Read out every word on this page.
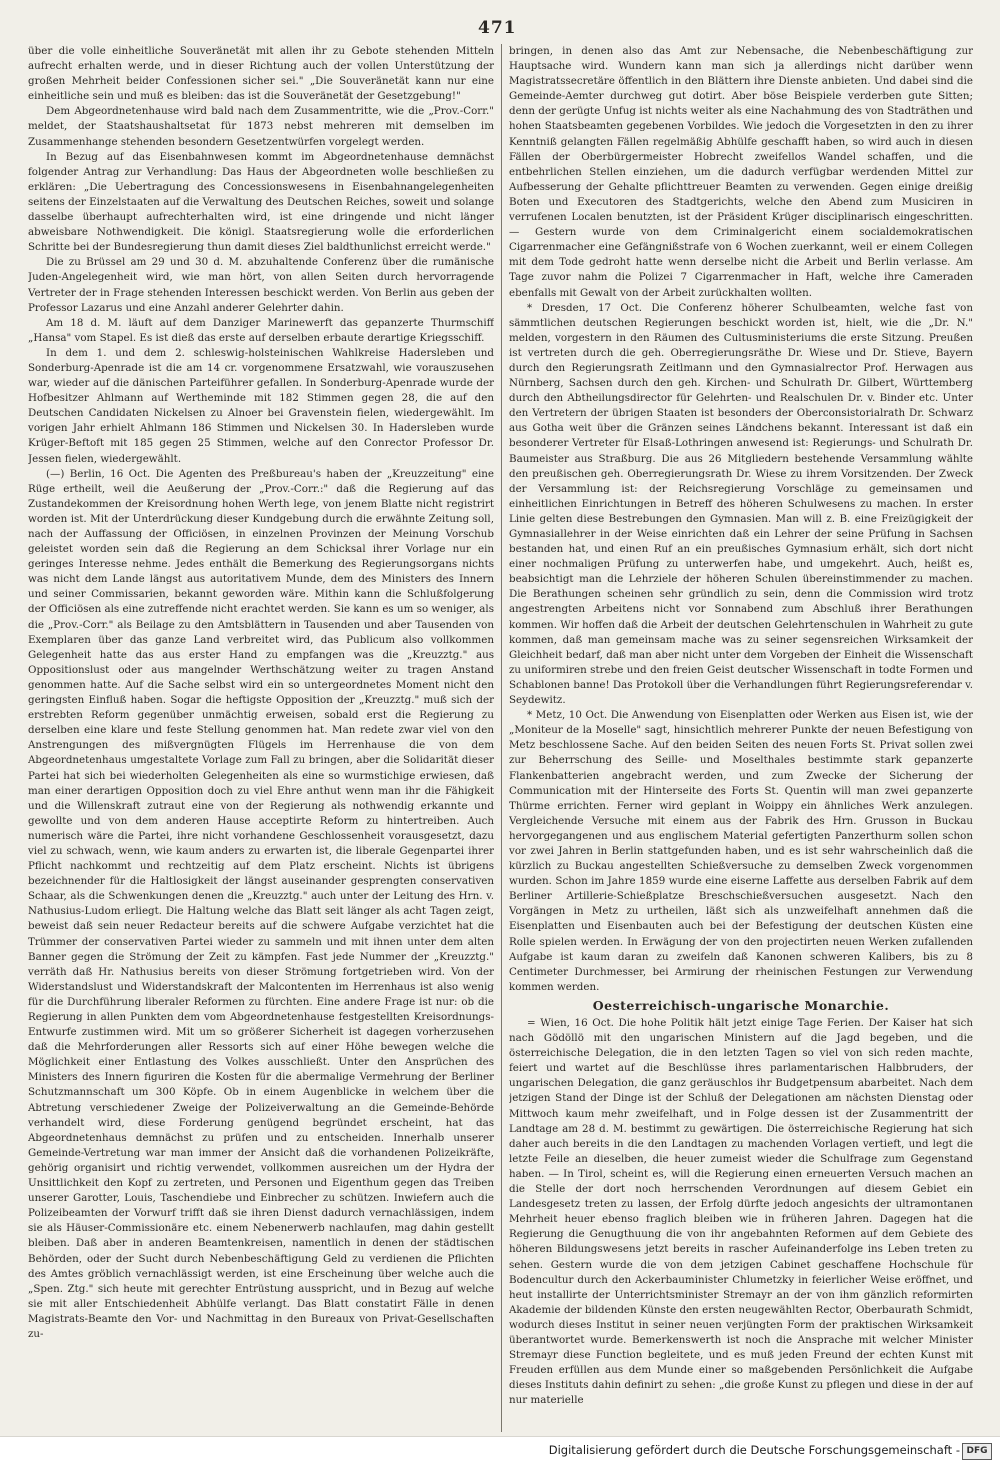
471

über die volle einheitliche Souveränetät mit allen ihr zu Gebote stehenden Mitteln aufrecht erhalten werde, und in dieser Richtung auch der vollen Unterstützung der großen Mehrheit beider Confessionen sicher sei." „Die Souveränetät kann nur eine einheitliche sein und muß es bleiben: das ist die Souveränetät der Gesetzgebung!"

Dem Abgeordnetenhause wird bald nach dem Zusammentritte, wie die „Prov.-Corr." meldet, der Staatshaushaltsetat für 1873 nebst mehreren mit demselben im Zusammenhange stehenden besondern Gesetzentwürfen vorgelegt werden.

In Bezug auf das Eisenbahnwesen kommt im Abgeordnetenhause demnächst folgender Antrag zur Verhandlung: Das Haus der Abgeordneten wolle beschließen zu erklären: „Die Uebertragung des Concessionswesens in Eisenbahnangelegenheiten seitens der Einzelstaaten auf die Verwaltung des Deutschen Reiches, soweit und solange dasselbe überhaupt aufrechterhalten wird, ist eine dringende und nicht länger abweisbare Nothwendigkeit. Die königl. Staatsregierung wolle die erforderlichen Schritte bei der Bundesregierung thun damit dieses Ziel baldthunlichst erreicht werde."

Die zu Brüssel am 29 und 30 d. M. abzuhaltende Conferenz über die rumänische Juden-Angelegenheit wird, wie man hört, von allen Seiten durch hervorragende Vertreter der in Frage stehenden Interessen beschickt werden. Von Berlin aus geben der Professor Lazarus und eine Anzahl anderer Gelehrter dahin.

Am 18 d. M. läuft auf dem Danziger Marinewerft das gepanzerte Thurmschiff „Hansa" vom Stapel. Es ist dieß das erste auf derselben erbaute derartige Kriegsschiff.

In dem 1. und dem 2. schleswig-holsteinischen Wahlkreise Hadersleben und Sonderburg-Apenrade ist die am 14 cr. vorgenommene Ersatzwahl, wie vorauszusehen war, wieder auf die dänischen Parteiführer gefallen. In Sonderburg-Apenrade wurde der Hofbesitzer Ahlmann auf Wertheminde mit 182 Stimmen gegen 28, die auf den Deutschen Candidaten Nickelsen zu Alnoer bei Gravenstein fielen, wiedergewählt. Im vorigen Jahr erhielt Ahlmann 186 Stimmen und Nickelsen 30. In Hadersleben wurde Krüger-Beftoft mit 185 gegen 25 Stimmen, welche auf den Conrector Professor Dr. Jessen fielen, wiedergewählt.

(—) Berlin, 16 Oct. Die Agenten des Preßbureau's haben der „Kreuzzeitung" eine Rüge ertheilt, weil die Aeußerung der „Prov.-Corr.:" daß die Regierung auf das Zustandekommen der Kreisordnung hohen Werth lege, von jenem Blatte nicht registrirt worden ist. Mit der Unterdrückung dieser Kundgebung durch die erwähnte Zeitung soll, nach der Auffassung der Officiösen, in einzelnen Provinzen der Meinung Vorschub geleistet worden sein daß die Regierung an dem Schicksal ihrer Vorlage nur ein geringes Interesse nehme. Jedes enthält die Bemerkung des Regierungsorgans nichts was nicht dem Lande längst aus autoritativem Munde, dem des Ministers des Innern und seiner Commissarien, bekannt geworden wäre. Mithin kann die Schlußfolgerung der Officiösen als eine zutreffende nicht erachtet werden. Sie kann es um so weniger, als die „Prov.-Corr." als Beilage zu den Amtsblättern in Tausenden und aber Tausenden von Exemplaren über das ganze Land verbreitet wird, das Publicum also vollkommen Gelegenheit hatte das aus erster Hand zu empfangen was die „Kreuzztg." aus Oppositionslust oder aus mangelnder Werthschätzung weiter zu tragen Anstand genommen hatte. Auf die Sache selbst wird ein so untergeordnetes Moment nicht den geringsten Einfluß haben. Sogar die heftigste Opposition der „Kreuzztg." muß sich der erstrebten Reform gegenüber unmächtig erweisen, sobald erst die Regierung zu derselben eine klare und feste Stellung genommen hat. Man redete zwar viel von den Anstrengungen des mißvergnügten Flügels im Herrenhause die von dem Abgeordnetenhaus umgestaltete Vorlage zum Fall zu bringen, aber die Solidarität dieser Partei hat sich bei wiederholten Gelegenheiten als eine so wurmstichige erwiesen, daß man einer derartigen Opposition doch zu viel Ehre anthut wenn man ihr die Fähigkeit und die Willenskraft zutraut eine von der Regierung als nothwendig erkannte und gewollte und von dem anderen Hause acceptirte Reform zu hintertreiben. Auch numerisch wäre die Partei, ihre nicht vorhandene Geschlossenheit vorausgesetzt, dazu viel zu schwach, wenn, wie kaum anders zu erwarten ist, die liberale Gegenpartei ihrer Pflicht nachkommt und rechtzeitig auf dem Platz erscheint. Nichts ist übrigens bezeichnender für die Haltlosigkeit der längst auseinander gesprengten conservativen Schaar, als die Schwenkungen denen die „Kreuzztg." auch unter der Leitung des Hrn. v. Nathusius-Ludom erliegt. Die Haltung welche das Blatt seit länger als acht Tagen zeigt, beweist daß sein neuer Redacteur bereits auf die schwere Aufgabe verzichtet hat die Trümmer der conservativen Partei wieder zu sammeln und mit ihnen unter dem alten Banner gegen die Strömung der Zeit zu kämpfen. Fast jede Nummer der „Kreuzztg." verräth daß Hr. Nathusius bereits von dieser Strömung fortgetrieben wird. Von der Widerstandslust und Widerstandskraft der Malcontenten im Herrenhaus ist also wenig für die Durchführung liberaler Reformen zu fürchten. Eine andere Frage ist nur: ob die Regierung in allen Punkten dem vom Abgeordnetenhause festgestellten Kreisordnungs-Entwurfe zustimmen wird. Mit um so größerer Sicherheit ist dagegen vorherzusehen daß die Mehrforderungen aller Ressorts sich auf einer Höhe bewegen welche die Möglichkeit einer Entlastung des Volkes ausschließt. Unter den Ansprüchen des Ministers des Innern figuriren die Kosten für die abermalige Vermehrung der Berliner Schutzmannschaft um 300 Köpfe. Ob in einem Augenblicke in welchem über die Abtretung verschiedener Zweige der Polizeiverwaltung an die Gemeinde-Behörde verhandelt wird, diese Forderung genügend begründet erscheint, hat das Abgeordnetenhaus demnächst zu prüfen und zu entscheiden. Innerhalb unserer Gemeinde-Vertretung war man immer der Ansicht daß die vorhandenen Polizeikräfte, gehörig organisirt und richtig verwendet, vollkommen ausreichen um der Hydra der Unsittlichkeit den Kopf zu zertreten, und Personen und Eigenthum gegen das Treiben unserer Garotter, Louis, Taschendiebe und Einbrecher zu schützen. Inwiefern auch die Polizeibeamten der Vorwurf trifft daß sie ihren Dienst dadurch vernachlässigen, indem sie als Häuser-Commissionäre etc. einem Nebenerwerb nachlaufen, mag dahin gestellt bleiben. Daß aber in anderen Beamtenkreisen, namentlich in denen der städtischen Behörden, oder der Sucht durch Nebenbeschäftigung Geld zu verdienen die Pflichten des Amtes gröblich vernachlässigt werden, ist eine Erscheinung über welche auch die „Spen. Ztg." sich heute mit gerechter Entrüstung ausspricht, und in Bezug auf welche sie mit aller Entschiedenheit Abhülfe verlangt. Das Blatt constatirt Fälle in denen Magistrats-Beamte den Vor- und Nachmittag in den Bureaux von Privat-Gesellschaften zu-

bringen, in denen also das Amt zur Nebensache, die Nebenbeschäftigung zur Hauptsache wird. Wundern kann man sich ja allerdings nicht darüber wenn Magistratssecretäre öffentlich in den Blättern ihre Dienste anbieten. Und dabei sind die Gemeinde-Aemter durchweg gut dotirt. Aber böse Beispiele verderben gute Sitten; denn der gerügte Unfug ist nichts weiter als eine Nachahmung des von Stadträthen und hohen Staatsbeamten gegebenen Vorbildes. Wie jedoch die Vorgesetzten in den zu ihrer Kenntniß gelangten Fällen regelmäßig Abhülfe geschafft haben, so wird auch in diesen Fällen der Oberbürgermeister Hobrecht zweifellos Wandel schaffen, und die entbehrlichen Stellen einziehen, um die dadurch verfügbar werdenden Mittel zur Aufbesserung der Gehalte pflichttreuer Beamten zu verwenden. Gegen einige dreißig Boten und Executoren des Stadtgerichts, welche den Abend zum Musiciren in verrufenen Localen benutzten, ist der Präsident Krüger disciplinarisch eingeschritten. — Gestern wurde von dem Criminalgericht einem socialdemokratischen Cigarrenmacher eine Gefängnißstrafe von 6 Wochen zuerkannt, weil er einem Collegen mit dem Tode gedroht hatte wenn derselbe nicht die Arbeit und Berlin verlasse. Am Tage zuvor nahm die Polizei 7 Cigarrenmacher in Haft, welche ihre Cameraden ebenfalls mit Gewalt von der Arbeit zurückhalten wollten.

* Dresden, 17 Oct. Die Conferenz höherer Schulbeamten, welche fast von sämmtlichen deutschen Regierungen beschickt worden ist, hielt, wie die „Dr. N." melden, vorgestern in den Räumen des Cultusministeriums die erste Sitzung. Preußen ist vertreten durch die geh. Oberregierungsräthe Dr. Wiese und Dr. Stieve, Bayern durch den Regierungsrath Zeitlmann und den Gymnasialrector Prof. Herwagen aus Nürnberg, Sachsen durch den geh. Kirchen- und Schulrath Dr. Gilbert, Württemberg durch den Abtheilungsdirector für Gelehrten- und Realschulen Dr. v. Binder etc. Unter den Vertretern der übrigen Staaten ist besonders der Oberconsistorialrath Dr. Schwarz aus Gotha weit über die Gränzen seines Ländchens bekannt. Interessant ist daß ein besonderer Vertreter für Elsaß-Lothringen anwesend ist: Regierungs- und Schulrath Dr. Baumeister aus Straßburg. Die aus 26 Mitgliedern bestehende Versammlung wählte den preußischen geh. Oberregierungsrath Dr. Wiese zu ihrem Vorsitzenden. Der Zweck der Versammlung ist: der Reichsregierung Vorschläge zu gemeinsamen und einheitlichen Einrichtungen in Betreff des höheren Schulwesens zu machen. In erster Linie gelten diese Bestrebungen den Gymnasien. Man will z. B. eine Freizügigkeit der Gymnasiallehrer in der Weise einrichten daß ein Lehrer der seine Prüfung in Sachsen bestanden hat, und einen Ruf an ein preußisches Gymnasium erhält, sich dort nicht einer nochmaligen Prüfung zu unterwerfen habe, und umgekehrt. Auch, heißt es, beabsichtigt man die Lehrziele der höheren Schulen übereinstimmender zu machen. Die Berathungen scheinen sehr gründlich zu sein, denn die Commission wird trotz angestrengten Arbeitens nicht vor Sonnabend zum Abschluß ihrer Berathungen kommen. Wir hoffen daß die Arbeit der deutschen Gelehrtenschulen in Wahrheit zu gute kommen, daß man gemeinsam mache was zu seiner segensreichen Wirksamkeit der Gleichheit bedarf, daß man aber nicht unter dem Vorgeben der Einheit die Wissenschaft zu uniformiren strebe und den freien Geist deutscher Wissenschaft in todte Formen und Schablonen banne! Das Protokoll über die Verhandlungen führt Regierungsreferendar v. Seydewitz.

* Metz, 10 Oct. Die Anwendung von Eisenplatten oder Werken aus Eisen ist, wie der „Moniteur de la Moselle" sagt, hinsichtlich mehrerer Punkte der neuen Befestigung von Metz beschlossene Sache. Auf den beiden Seiten des neuen Forts St. Privat sollen zwei zur Beherrschung des Seille- und Moselthales bestimmte stark gepanzerte Flankenbatterien angebracht werden, und zum Zwecke der Sicherung der Communication mit der Hinterseite des Forts St. Quentin will man zwei gepanzerte Thürme errichten. Ferner wird geplant in Woippy ein ähnliches Werk anzulegen. Vergleichende Versuche mit einem aus der Fabrik des Hrn. Grusson in Buckau hervorgegangenen und aus englischem Material gefertigten Panzerthurm sollen schon vor zwei Jahren in Berlin stattgefunden haben, und es ist sehr wahrscheinlich daß die kürzlich zu Buckau angestellten Schießversuche zu demselben Zweck vorgenommen wurden. Schon im Jahre 1859 wurde eine eiserne Laffette aus derselben Fabrik auf dem Berliner Artillerie-Schießplatze Breschschießversuchen ausgesetzt. Nach den Vorgängen in Metz zu urtheilen, läßt sich als unzweifelhaft annehmen daß die Eisenplatten und Eisenbauten auch bei der Befestigung der deutschen Küsten eine Rolle spielen werden. In Erwägung der von den projectirten neuen Werken zufallenden Aufgabe ist kaum daran zu zweifeln daß Kanonen schweren Kalibers, bis zu 8 Centimeter Durchmesser, bei Armirung der rheinischen Festungen zur Verwendung kommen werden.

Oesterreichisch-ungarische Monarchie.

= Wien, 16 Oct. Die hohe Politik hält jetzt einige Tage Ferien. Der Kaiser hat sich nach Gödöllö mit den ungarischen Ministern auf die Jagd begeben, und die österreichische Delegation, die in den letzten Tagen so viel von sich reden machte, feiert und wartet auf die Beschlüsse ihres parlamentarischen Halbbruders, der ungarischen Delegation, die ganz geräuschlos ihr Budgetpensum abarbeitet. Nach dem jetzigen Stand der Dinge ist der Schluß der Delegationen am nächsten Dienstag oder Mittwoch kaum mehr zweifelhaft, und in Folge dessen ist der Zusammentritt der Landtage am 28 d. M. bestimmt zu gewärtigen. Die österreichische Regierung hat sich daher auch bereits in die den Landtagen zu machenden Vorlagen vertieft, und legt die letzte Feile an dieselben, die heuer zumeist wieder die Schulfrage zum Gegenstand haben. — In Tirol, scheint es, will die Regierung einen erneuerten Versuch machen an die Stelle der dort noch herrschenden Verordnungen auf diesem Gebiet ein Landesgesetz treten zu lassen, der Erfolg dürfte jedoch angesichts der ultramontanen Mehrheit heuer ebenso fraglich bleiben wie in früheren Jahren. Dagegen hat die Regierung die Genugthuung die von ihr angebahnten Reformen auf dem Gebiete des höheren Bildungswesens jetzt bereits in rascher Aufeinanderfolge ins Leben treten zu sehen. Gestern wurde die von dem jetzigen Cabinet geschaffene Hochschule für Bodencultur durch den Ackerbauminister Chlumetzky in feierlicher Weise eröffnet, und heut installirte der Unterrichtsminister Stremayr an der von ihm gänzlich reformirten Akademie der bildenden Künste den ersten neugewählten Rector, Oberbaurath Schmidt, wodurch dieses Institut in seiner neuen verjüngten Form der praktischen Wirksamkeit überantwortet wurde. Bemerkenswerth ist noch die Ansprache mit welcher Minister Stremayr diese Function begleitete, und es muß jeden Freund der echten Kunst mit Freuden erfüllen aus dem Munde einer so maßgebenden Persönlichkeit die Aufgabe dieses Instituts dahin definirt zu sehen: „die große Kunst zu pflegen und diese in der auf nur materielle

Digitalisierung gefördert durch die Deutsche Forschungsgemeinschaft - DFG
